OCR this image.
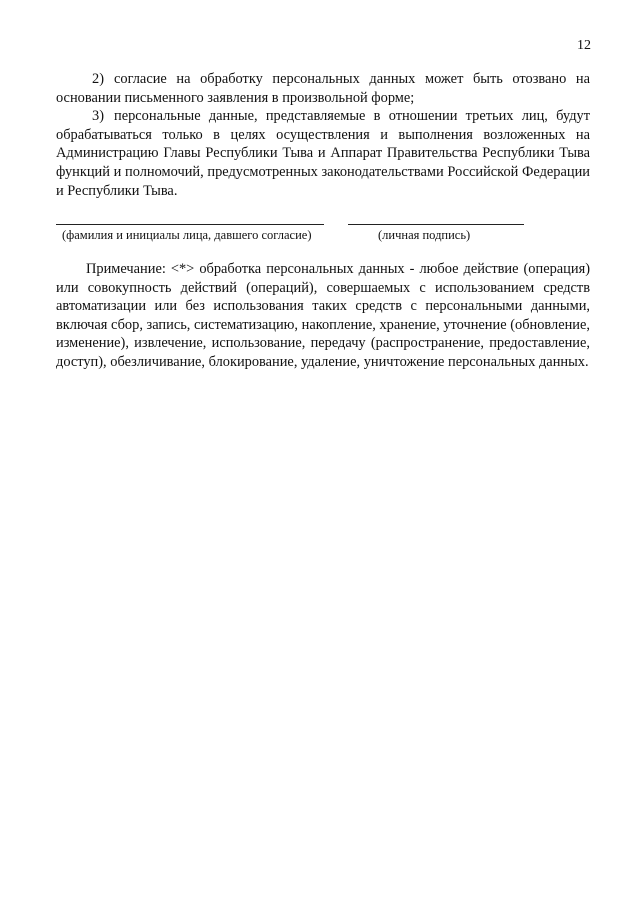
12

2) согласие на обработку персональных данных может быть отозвано на основании письменного заявления в произвольной форме;

3) персональные данные, представляемые в отношении третьих лиц, будут обрабатываться только в целях осуществления и выполнения возложенных на Администрацию Главы Республики Тыва и Аппарат Правительства Республики Тыва функций и полномочий, предусмотренных законодательствами Российской Федерации и Республики Тыва.

(фамилия и инициалы лица, давшего согласие)	(личная подпись)

Примечание: <*> обработка персональных данных - любое действие (операция) или совокупность действий (операций), совершаемых с использованием средств автоматизации или без использования таких средств с персональными данными, включая сбор, запись, систематизацию, накопление, хранение, уточнение (обновление, изменение), извлечение, использование, передачу (распространение, предоставление, доступ), обезличивание, блокирование, удаление, уничтожение персональных данных.
